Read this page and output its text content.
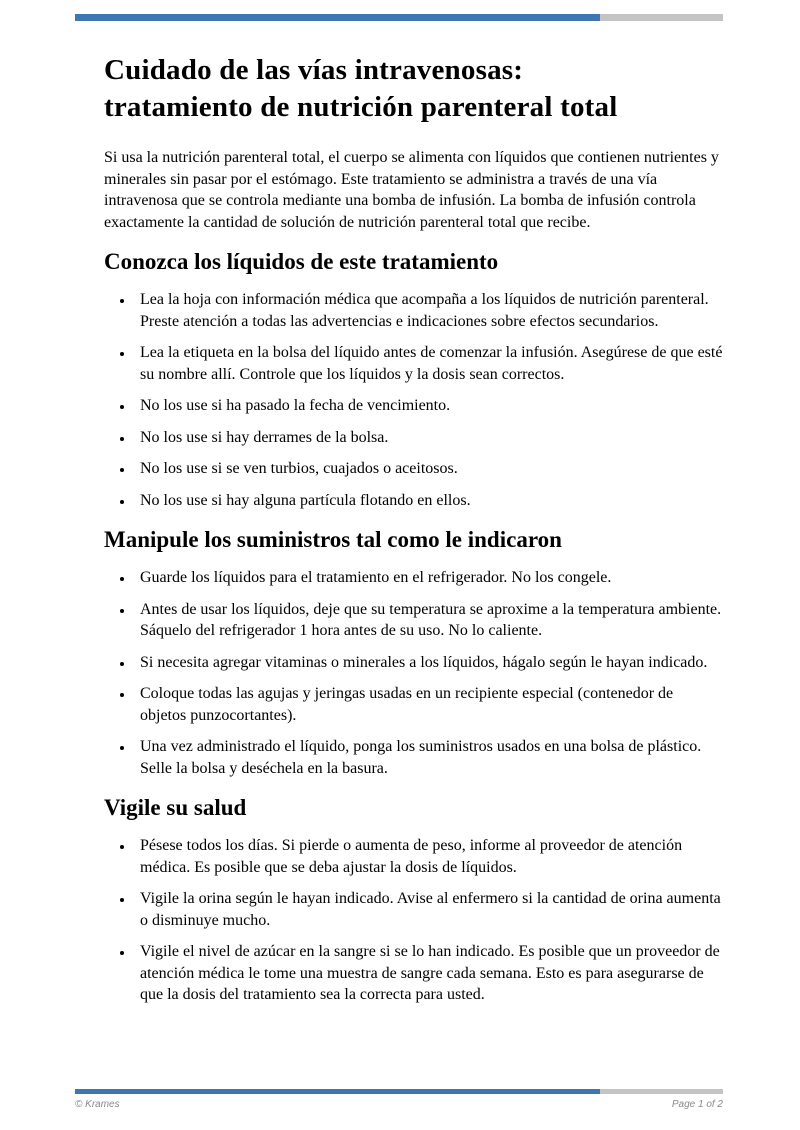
Cuidado de las vías intravenosas:
tratamiento de nutrición parenteral total

Si usa la nutrición parenteral total, el cuerpo se alimenta con líquidos que contienen nutrientes y minerales sin pasar por el estómago. Este tratamiento se administra a través de una vía intravenosa que se controla mediante una bomba de infusión. La bomba de infusión controla exactamente la cantidad de solución de nutrición parenteral total que recibe.

Conozca los líquidos de este tratamiento
• Lea la hoja con información médica que acompaña a los líquidos de nutrición parenteral. Preste atención a todas las advertencias e indicaciones sobre efectos secundarios.
• Lea la etiqueta en la bolsa del líquido antes de comenzar la infusión. Asegúrese de que esté su nombre allí. Controle que los líquidos y la dosis sean correctos.
• No los use si ha pasado la fecha de vencimiento.
• No los use si hay derrames de la bolsa.
• No los use si se ven turbios, cuajados o aceitosos.
• No los use si hay alguna partícula flotando en ellos.
Manipule los suministros tal como le indicaron
• Guarde los líquidos para el tratamiento en el refrigerador. No los congele.
• Antes de usar los líquidos, deje que su temperatura se aproxime a la temperatura ambiente. Sáquelo del refrigerador 1 hora antes de su uso. No lo caliente.
• Si necesita agregar vitaminas o minerales a los líquidos, hágalo según le hayan indicado.
• Coloque todas las agujas y jeringas usadas en un recipiente especial (contenedor de objetos punzocortantes).
• Una vez administrado el líquido, ponga los suministros usados en una bolsa de plástico. Selle la bolsa y deséchela en la basura.
Vigile su salud
• Pésese todos los días. Si pierde o aumenta de peso, informe al proveedor de atención médica. Es posible que se deba ajustar la dosis de líquidos.
• Vigile la orina según le hayan indicado. Avise al enfermero si la cantidad de orina aumenta o disminuye mucho.
• Vigile el nivel de azúcar en la sangre si se lo han indicado. Es posible que un proveedor de atención médica le tome una muestra de sangre cada semana. Esto es para asegurarse de que la dosis del tratamiento sea la correcta para usted.
© Krames	Page 1 of 2
